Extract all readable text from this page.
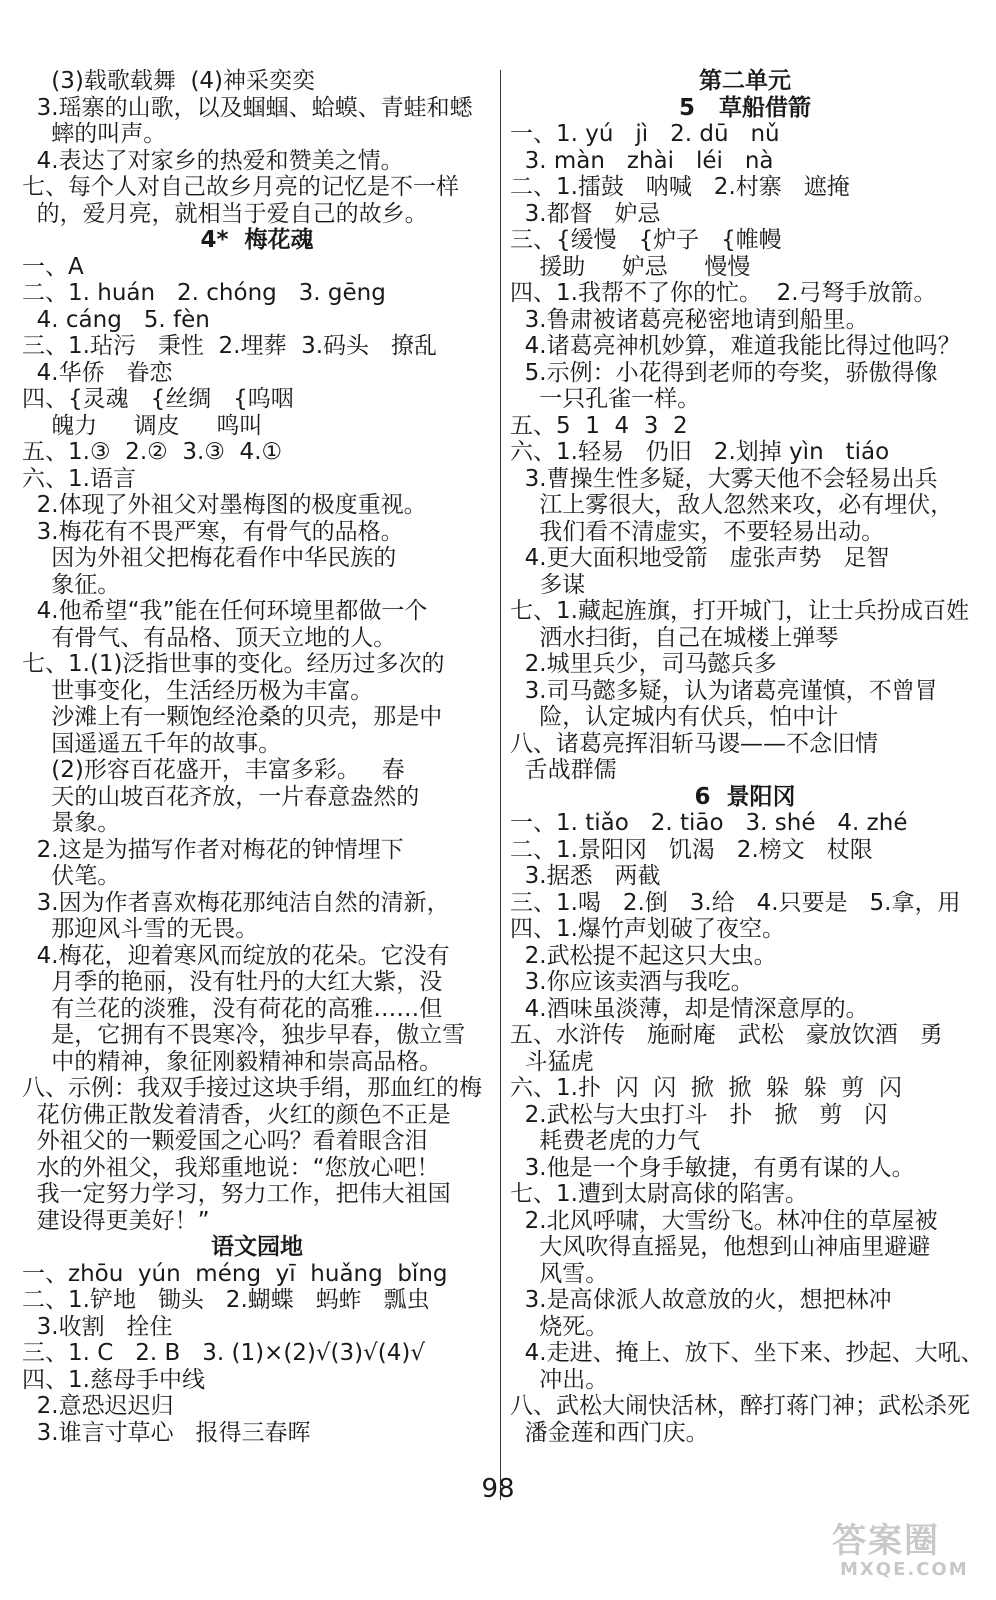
(3)载歌载舞  (4)神采奕奕
3.瑶寨的山歌，以及蝈蝈、蛤蟆、青蛙和蟋
蟀的叫声。
4.表达了对家乡的热爱和赞美之情。
七、每个人对自己故乡月亮的记忆是不一样
的，爱月亮，就相当于爱自己的故乡。
4*  梅花魂
一、A
二、1. huán   2. chóng   3. gēng
4. cáng   5. fèn
三、1.玷污   秉性  2.埋葬  3.码头   撩乱
4.华侨   眷恋
四、{灵魂   {丝绸   {呜咽
魄力     调皮     鸣叫
五、1.③  2.②  3.③  4.①
六、1.语言
2.体现了外祖父对墨梅图的极度重视。
3.梅花有不畏严寒，有骨气的品格。
因为外祖父把梅花看作中华民族的
象征。
4.他希望“我”能在任何环境里都做一个
有骨气、有品格、顶天立地的人。
七、1.(1)泛指世事的变化。经历过多次的
世事变化，生活经历极为丰富。
沙滩上有一颗饱经沧桑的贝壳，那是中
国遥遥五千年的故事。
(2)形容百花盛开，丰富多彩。   春
天的山坡百花齐放，一片春意盎然的
景象。
2.这是为描写作者对梅花的钟情埋下
伏笔。
3.因为作者喜欢梅花那纯洁自然的清新，
那迎风斗雪的无畏。
4.梅花，迎着寒风而绽放的花朵。它没有
月季的艳丽，没有牡丹的大红大紫，没
有兰花的淡雅，没有荷花的高雅……但
是，它拥有不畏寒冷，独步早春，傲立雪
中的精神，象征刚毅精神和崇高品格。
八、示例：我双手接过这块手绢，那血红的梅
花仿佛正散发着清香，火红的颜色不正是
外祖父的一颗爱国之心吗？看着眼含泪
水的外祖父，我郑重地说：“您放心吧！
我一定努力学习，努力工作，把伟大祖国
建设得更美好！”
语文园地
一、zhōu  yún  méng  yī  huǎng  bǐng
二、1.铲地   锄头   2.蝴蝶   蚂蚱   瓢虫
3.收割   拴住
三、1. C   2. B   3. (1)×(2)√(3)√(4)√
四、1.慈母手中线
2.意恐迟迟归
3.谁言寸草心   报得三春晖
第二单元
5   草船借箭
一、1. yú   jì   2. dū   nǔ
3. màn   zhài   léi   nà
二、1.擂鼓   呐喊   2.村寨   遮掩
3.都督   妒忌
三、{缓慢   {炉子   {帷幔
援助     妒忌     慢慢
四、1.我帮不了你的忙。  2.弓弩手放箭。
3.鲁肃被诸葛亮秘密地请到船里。
4.诸葛亮神机妙算，难道我能比得过他吗？
5.示例：小花得到老师的夸奖，骄傲得像
一只孔雀一样。
五、5  1  4  3  2
六、1.轻易   仍旧   2.划掉 yìn   tiáo
3.曹操生性多疑，大雾天他不会轻易出兵
江上雾很大，敌人忽然来攻，必有埋伏，
我们看不清虚实，不要轻易出动。
4.更大面积地受箭   虚张声势   足智
多谋
七、1.藏起旌旗，打开城门，让士兵扮成百姓
洒水扫街，自己在城楼上弹琴
2.城里兵少，司马懿兵多
3.司马懿多疑，认为诸葛亮谨慎，不曾冒
险，认定城内有伏兵，怕中计
八、诸葛亮挥泪斩马谡——不念旧情
舌战群儒
6  景阳冈
一、1. tiǎo   2. tiāo   3. shé   4. zhé
二、1.景阳冈   饥渴   2.榜文   杖限
3.据悉   两截
三、1.喝   2.倒   3.给   4.只要是   5.拿，用
四、1.爆竹声划破了夜空。
2.武松提不起这只大虫。
3.你应该卖酒与我吃。
4.酒味虽淡薄，却是情深意厚的。
五、水浒传   施耐庵   武松   豪放饮酒   勇
斗猛虎
六、1.扑  闪  闪  掀  掀  躲  躲  剪  闪
2.武松与大虫打斗   扑   掀   剪   闪
耗费老虎的力气
3.他是一个身手敏捷，有勇有谋的人。
七、1.遭到太尉高俅的陷害。
2.北风呼啸，大雪纷飞。林冲住的草屋被
大风吹得直摇晃，他想到山神庙里避避
风雪。
3.是高俅派人故意放的火，想把林冲
烧死。
4.走进、掩上、放下、坐下来、抄起、大吼、
冲出。
八、武松大闹快活林，醉打蒋门神；武松杀死
潘金莲和西门庆。
98
答案圈
MXQE.COM
